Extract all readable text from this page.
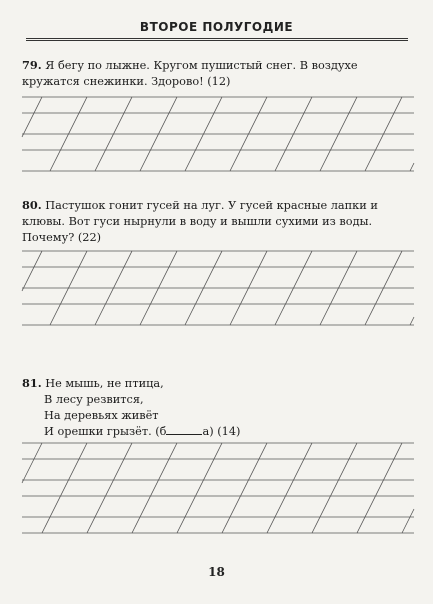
ВТОРОЕ ПОЛУГОДИЕ
79. Я бегу по лыжне. Кругом пушистый снег. В воздухе кружатся снежинки. Здорово! (12)
80. Пастушок гонит гусей на луг. У гусей красные лапки и клювы. Вот гуси нырнули в воду и вышли сухими из воды. Почему? (22)
81. Не мышь, не птица,
В лесу резвится,
На деревьях живёт
И орешки грызёт. (б	а) (14)
18
